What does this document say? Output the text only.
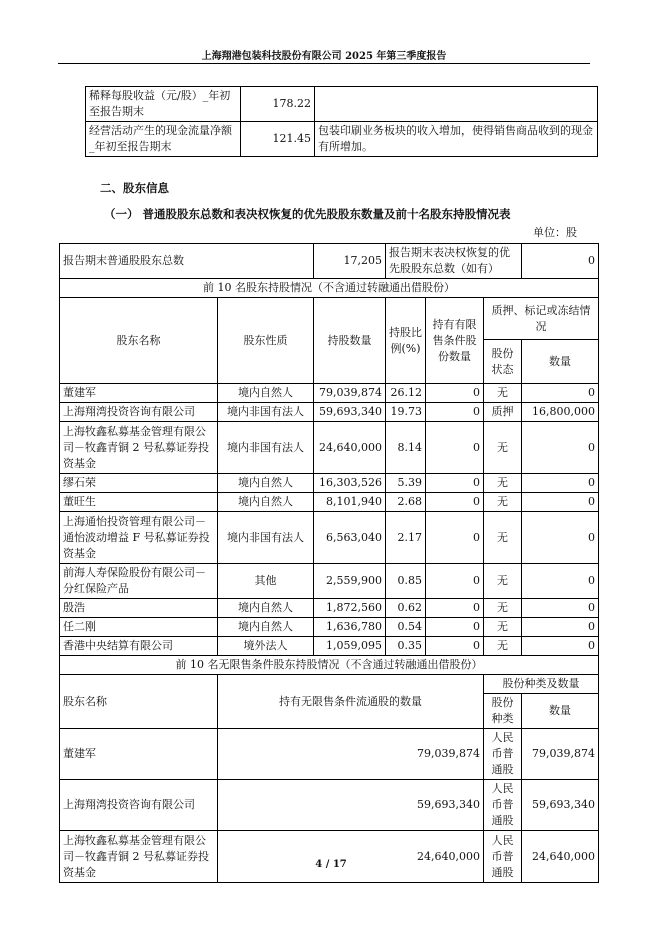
上海翔港包装科技股份有限公司 2025 年第三季度报告
稀释每股收益（元/股）_年初至报告期末	178.22	
经营活动产生的现金流量净额_年初至报告期末	121.45	包装印刷业务板块的收入增加，使得销售商品收到的现金有所增加。
二、股东信息
（一） 普通股股东总数和表决权恢复的优先股股东数量及前十名股东持股情况表
单位：股
报告期末普通股股东总数		17,205	报告期末表决权恢复的优先股股东总数（如有）			0
前 10 名股东持股情况（不含通过转融通出借股份）						
股东名称	股东性质	持股数量	持股比例(%)	持有有限售条件股份数量	质押、标记或冻结情况	
					股份状态	数量
董建军	境内自然人	79,039,874	26.12	0	无	0
上海翔湾投资咨询有限公司	境内非国有法人	59,693,340	19.73	0	质押	16,800,000
上海牧鑫私募基金管理有限公司－牧鑫青铜 2 号私募证券投资基金	境内非国有法人	24,640,000	8.14	0	无	0
缪石荣	境内自然人	16,303,526	5.39	0	无	0
董旺生	境内自然人	8,101,940	2.68	0	无	0
上海通怡投资管理有限公司－通怡波动增益 F 号私募证券投资基金	境内非国有法人	6,563,040	2.17	0	无	0
前海人寿保险股份有限公司－分红保险产品	其他	2,559,900	0.85	0	无	0
殷浩	境内自然人	1,872,560	0.62	0	无	0
任二刚	境内自然人	1,636,780	0.54	0	无	0
香港中央结算有限公司	境外法人	1,059,095	0.35	0	无	0
前 10 名无限售条件股东持股情况（不含通过转融通出借股份）						
股东名称	持有无限售条件流通股的数量				股份种类及数量	
					股份种类	数量
董建军	79,039,874				人民币普通股	79,039,874
上海翔湾投资咨询有限公司	59,693,340				人民币普通股	59,693,340
上海牧鑫私募基金管理有限公司－牧鑫青铜 2 号私募证券投资基金	24,640,000				人民币普通股	24,640,000
4 / 17
